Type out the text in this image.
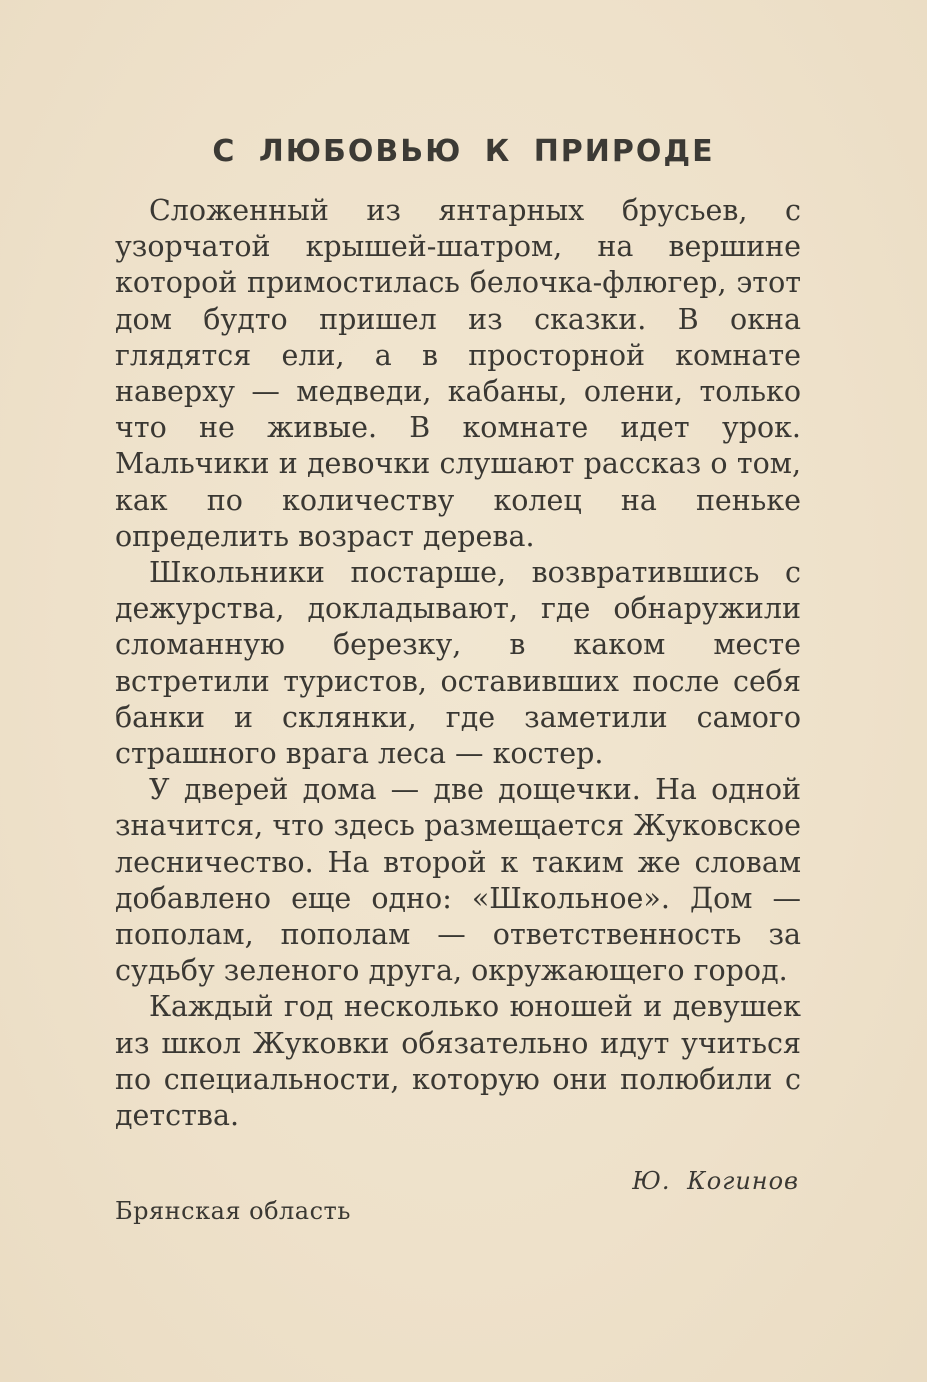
С ЛЮБОВЬЮ К ПРИРОДЕ

Сложенный из янтарных брусьев, с узорчатой крышей-шатром, на вершине которой примостилась белочка-флюгер, этот дом будто пришел из сказки. В окна глядятся ели, а в просторной комнате наверху — медведи, кабаны, олени, только что не живые. В комнате идет урок. Мальчики и девочки слушают рассказ о том, как по количеству колец на пеньке определить возраст дерева.

Школьники постарше, возвратившись с дежурства, докладывают, где обнаружили сломанную березку, в каком месте встретили туристов, оставивших после себя банки и склянки, где заметили самого страшного врага леса — костер.

У дверей дома — две дощечки. На одной значится, что здесь размещается Жуковское лесничество. На второй к таким же словам добавлено еще одно: «Школьное». Дом — пополам, пополам — ответственность за судьбу зеленого друга, окружающего город.

Каждый год несколько юношей и девушек из школ Жуковки обязательно идут учиться по специальности, которую они полюбили с детства.

Ю. Когинов

Брянская область
